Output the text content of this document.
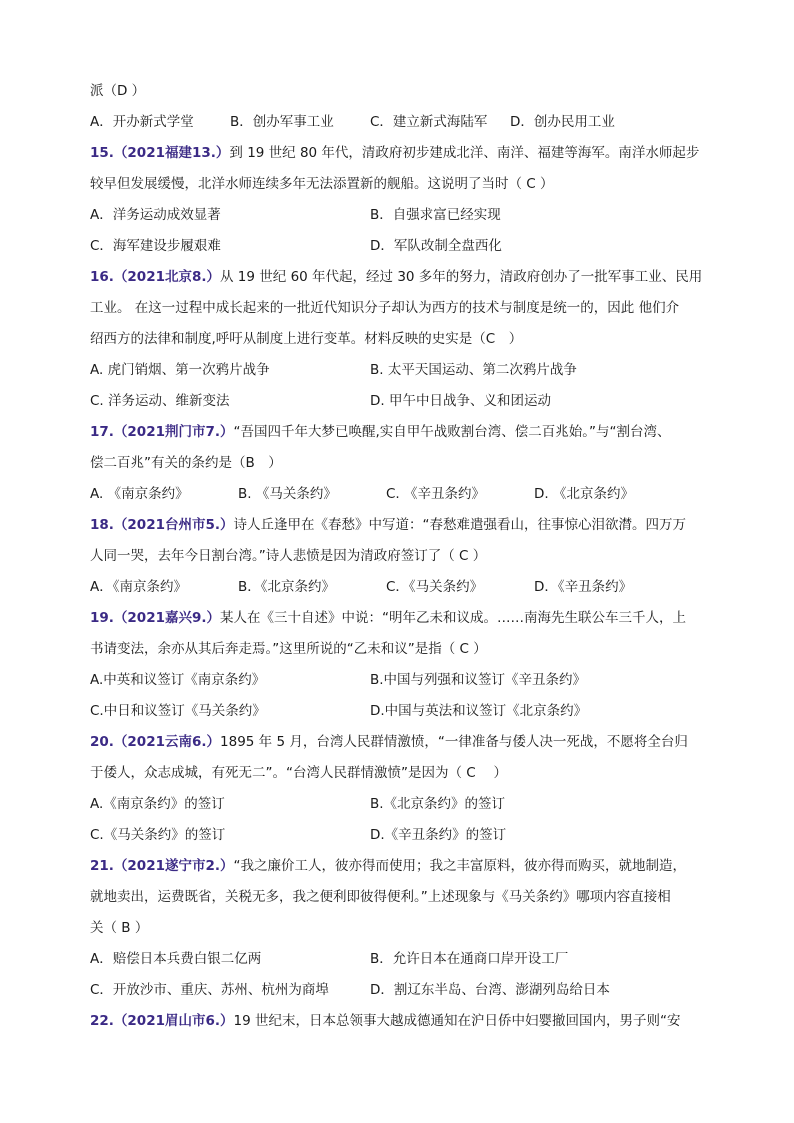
派（D ）
A．开办新式学堂	B．创办军事工业	C．建立新式海陆军	D．创办民用工业
15.（2021福建13.）到 19 世纪 80 年代，清政府初步建成北洋、南洋、福建等海军。南洋水师起步
较早但发展缓慢，北洋水师连续多年无法添置新的舰船。这说明了当时（ C ）
A．洋务运动成效显著	B．自强求富已经实现
C．海军建设步履艰难	D．军队改制全盘西化
16.（2021北京8.）从 19 世纪 60 年代起，经过 30 多年的努力，清政府创办了一批军事工业、民用
工业。 在这一过程中成长起来的一批近代知识分子却认为西方的技术与制度是统一的，因此 他们介
绍西方的法律和制度,呼吁从制度上进行变革。材料反映的史实是（C　）
A. 虎门销烟、第一次鸦片战争	B. 太平天国运动、第二次鸦片战争
C. 洋务运动、维新变法	D. 甲午中日战争、义和团运动
17.（2021荆门市7.）“吾国四千年大梦已唤醒,实自甲午战败割台湾、偿二百兆始。”与“割台湾、
偿二百兆”有关的条约是（B　）
A. 《南京条约》	B. 《马关条约》	C. 《辛丑条约》	D. 《北京条约》
18.（2021台州市5.）诗人丘逢甲在《春愁》中写道：“春愁难遣强看山，往事惊心泪欲潸。四万万
人同一哭，去年今日割台湾。”诗人悲愤是因为清政府签订了（ C ）
A．《南京条约》	B．《北京条约》	C．《马关条约》	D．《辛丑条约》
19.（2021嘉兴9.）某人在《三十自述》中说：“明年乙未和议成。……南海先生联公车三千人，上
书请变法，余亦从其后奔走焉。”这里所说的“乙未和议”是指（ C ）
A.中英和议签订《南京条约》	B.中国与列强和议签订《辛丑条约》
C.中日和议签订《马关条约》	D.中国与英法和议签订《北京条约》
20.（2021云南6.）1895 年 5 月，台湾人民群情激愤，“一律准备与倭人决一死战，不愿将全台归
于倭人，众志成城，有死无二”。“台湾人民群情激愤”是因为（ C　 ）
A.《南京条约》的签订	B.《北京条约》的签订
C.《马关条约》的签订	D.《辛丑条约》的签订
21.（2021遂宁市2.）“我之廉价工人，彼亦得而使用；我之丰富原料，彼亦得而购买，就地制造，
就地卖出，运费既省，关税无多，我之便利即彼得便利。”上述现象与《马关条约》哪项内容直接相
关（ B ）
A．赔偿日本兵费白银二亿两	B．允许日本在通商口岸开设工厂
C．开放沙市、重庆、苏州、杭州为商埠	D．割辽东半岛、台湾、澎湖列岛给日本
22.（2021眉山市6.）19 世纪末，日本总领事大越成德通知在沪日侨中妇婴撤回国内，男子则“安
